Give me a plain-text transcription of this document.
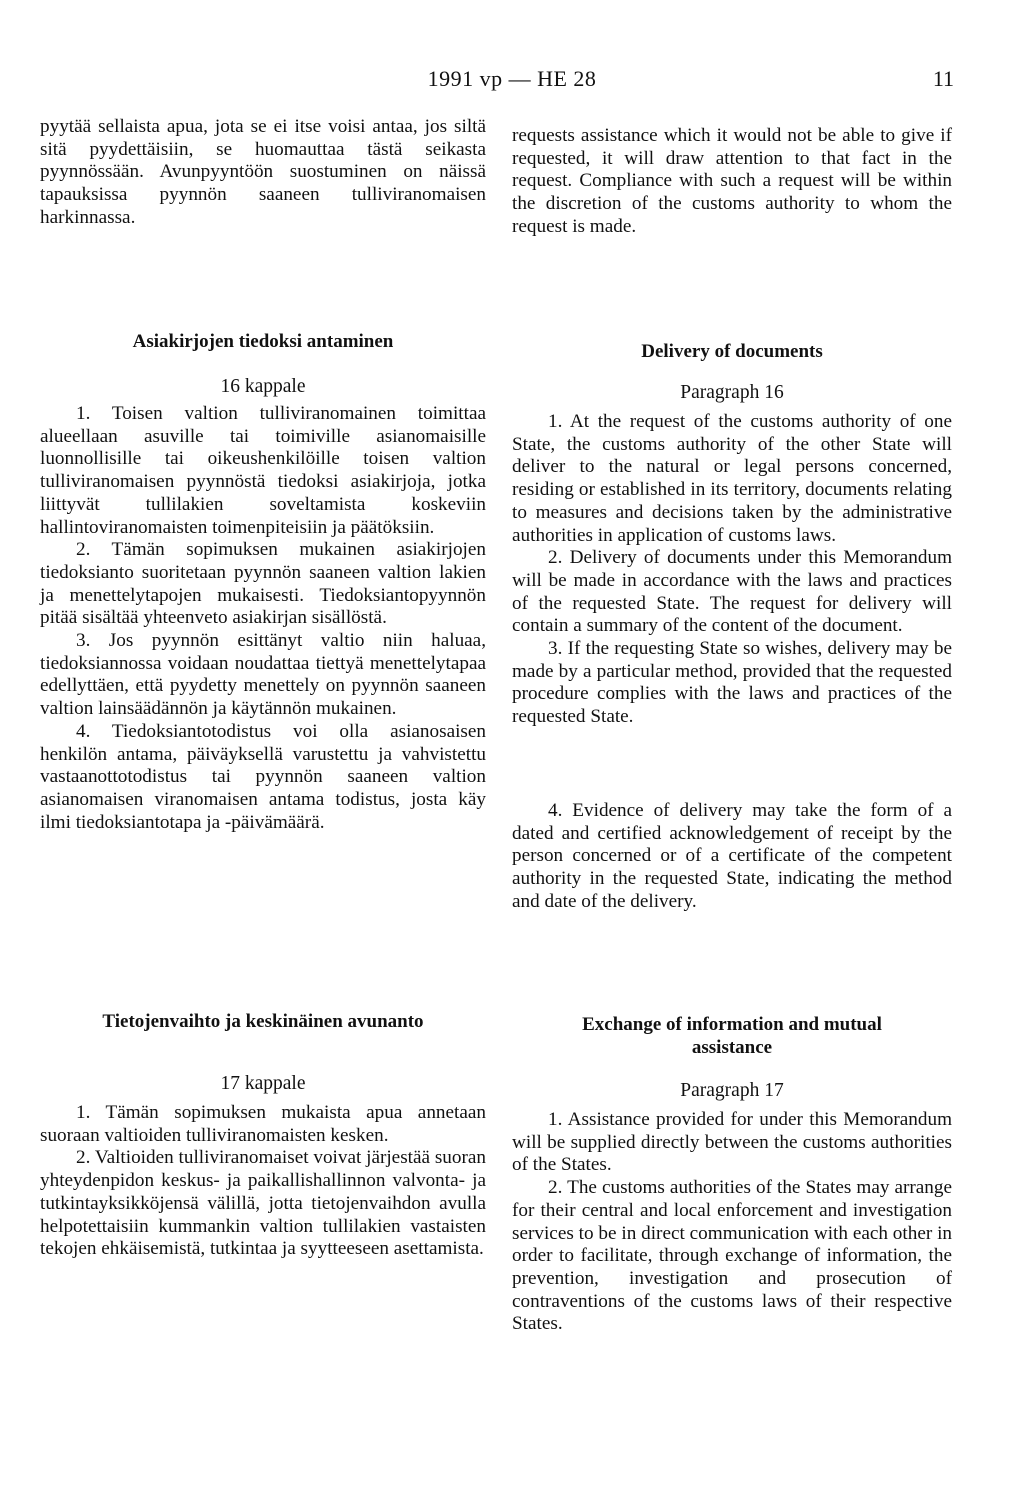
1991 vp — HE 28	11

pyytää sellaista apua, jota se ei itse voisi antaa, jos siltä sitä pyydettäisiin, se huomauttaa tästä seikasta pyynnössään. Avunpyyntöön suostuminen on näissä tapauksissa pyynnön saaneen tulliviranomaisen harkinnassa.

requests assistance which it would not be able to give if requested, it will draw attention to that fact in the request. Compliance with such a request will be within the discretion of the customs authority to whom the request is made.

Asiakirjojen tiedoksi antaminen	Delivery of documents
16 kappale	Paragraph 16

1. Toisen valtion tulliviranomainen toimittaa alueellaan asuville tai toimiville asianomaisille luonnollisille tai oikeushenkilöille toisen valtion tulliviranomaisen pyynnöstä tiedoksi asiakirjoja, jotka liittyvät tullilakien soveltamista koskeviin hallintoviranomaisten toimenpiteisiin ja päätöksiin.

2. Tämän sopimuksen mukainen asiakirjojen tiedoksianto suoritetaan pyynnön saaneen valtion lakien ja menettelytapojen mukaisesti. Tiedoksiantopyynnön pitää sisältää yhteenveto asiakirjan sisällöstä.

3. Jos pyynnön esittänyt valtio niin haluaa, tiedoksiannossa voidaan noudattaa tiettyä menettelytapaa edellyttäen, että pyydetty menettely on pyynnön saaneen valtion lainsäädännön ja käytännön mukainen.

4. Tiedoksiantotodistus voi olla asianosaisen henkilön antama, päiväyksellä varustettu ja vahvistettu vastaanottotodistus tai pyynnön saaneen valtion asianomaisen viranomaisen antama todistus, josta käy ilmi tiedoksiantotapa ja -päivämäärä.

1. At the request of the customs authority of one State, the customs authority of the other State will deliver to the natural or legal persons concerned, residing or established in its territory, documents relating to measures and decisions taken by the administrative authorities in application of customs laws.

2. Delivery of documents under this Memorandum will be made in accordance with the laws and practices of the requested State. The request for delivery will contain a summary of the content of the document.

3. If the requesting State so wishes, delivery may be made by a particular method, provided that the requested procedure complies with the laws and practices of the requested State.

4. Evidence of delivery may take the form of a dated and certified acknowledgement of receipt by the person concerned or of a certificate of the competent authority in the requested State, indicating the method and date of the delivery.

Tietojenvaihto ja keskinäinen avunanto	Exchange of information and mutual assistance
17 kappale	Paragraph 17

1. Tämän sopimuksen mukaista apua annetaan suoraan valtioiden tulliviranomaisten kesken.

2. Valtioiden tulliviranomaiset voivat järjestää suoran yhteydenpidon keskus- ja paikallishallinnon valvonta- ja tutkintayksikköjensä välillä, jotta tietojenvaihdon avulla helpotettaisiin kummankin valtion tullilakien vastaisten tekojen ehkäisemistä, tutkintaa ja syytteeseen asettamista.

1. Assistance provided for under this Memorandum will be supplied directly between the customs authorities of the States.

2. The customs authorities of the States may arrange for their central and local enforcement and investigation services to be in direct communication with each other in order to facilitate, through exchange of information, the prevention, investigation and prosecution of contraventions of the customs laws of their respective States.
